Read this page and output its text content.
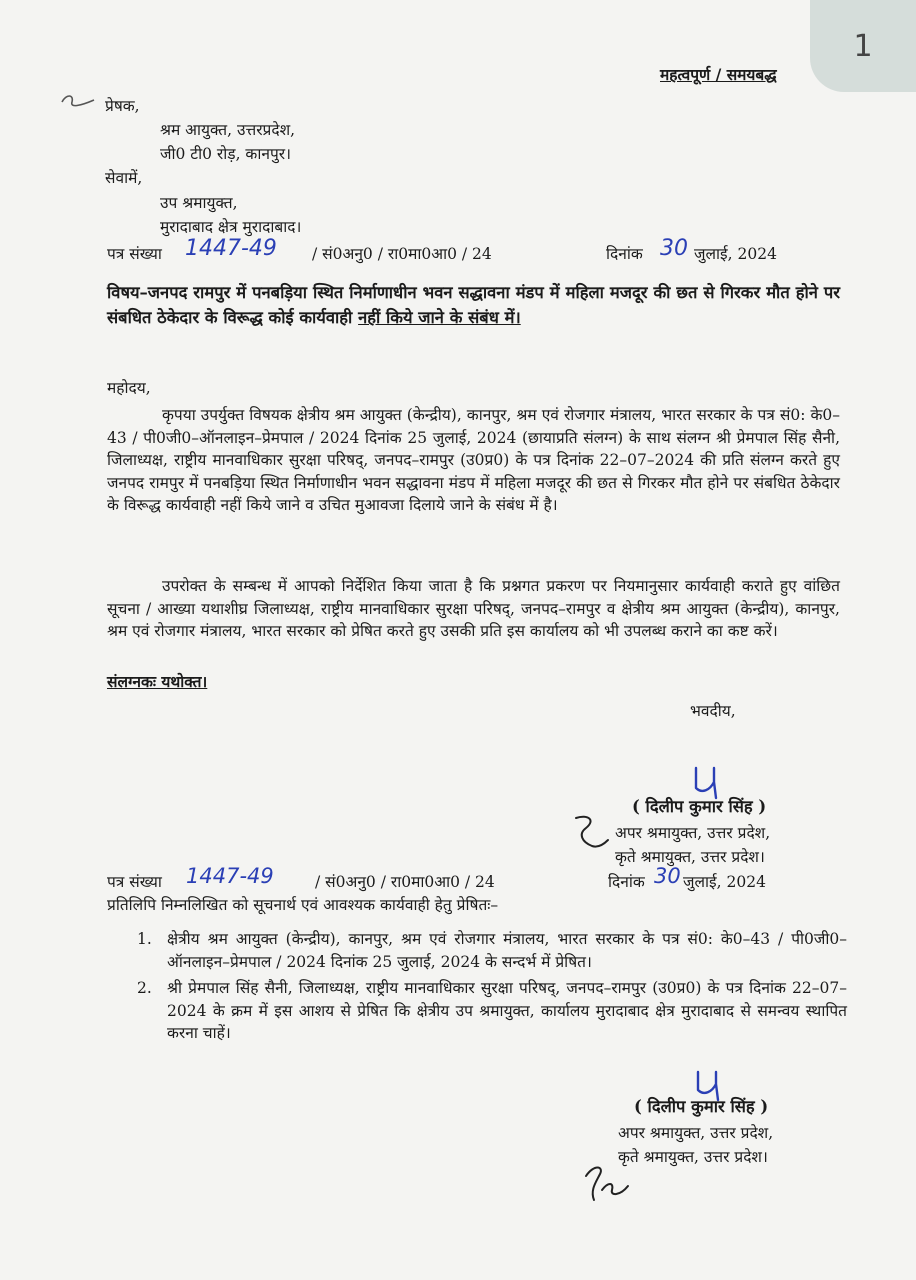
1
महत्वपूर्ण / समयबद्ध
प्रेषक,
श्रम आयुक्त, उत्तरप्रदेश,
जी0 टी0 रोड़, कानपुर।
सेवामें,
उप श्रमायुक्त,
मुरादाबाद क्षेत्र मुरादाबाद।
पत्र संख्या 1447-49 / सं0अनु0 / रा0मा0आ0 / 24	दिनांक 30 जुलाई, 2024
विषय–जनपद रामपुर में पनबड़िया स्थित निर्माणाधीन भवन सद्धावना मंडप में महिला मजदूर की छत से गिरकर मौत होने पर संबधित ठेकेदार के विरूद्ध कोई कार्यवाही नहीं किये जाने के संबंध में।
महोदय,

कृपया उपर्युक्त विषयक क्षेत्रीय श्रम आयुक्त (केन्द्रीय), कानपुर, श्रम एवं रोजगार मंत्रालय, भारत सरकार के पत्र सं0: के0–43 / पी0जी0–ऑनलाइन–प्रेमपाल / 2024 दिनांक 25 जुलाई, 2024 (छायाप्रति संलग्न) के साथ संलग्न श्री प्रेमपाल सिंह सैनी, जिलाध्यक्ष, राष्ट्रीय मानवाधिकार सुरक्षा परिषद्, जनपद–रामपुर (उ0प्र0) के पत्र दिनांक 22–07–2024 की प्रति संलग्न करते हुए जनपद रामपुर में पनबड़िया स्थित निर्माणाधीन भवन सद्धावना मंडप में महिला मजदूर की छत से गिरकर मौत होने पर संबधित ठेकेदार के विरूद्ध कार्यवाही नहीं किये जाने व उचित मुआवजा दिलाये जाने के संबंध में है।

उपरोक्त के सम्बन्ध में आपको निर्देशित किया जाता है कि प्रश्नगत प्रकरण पर नियमानुसार कार्यवाही कराते हुए वांछित सूचना / आख्या यथाशीघ्र जिलाध्यक्ष, राष्ट्रीय मानवाधिकार सुरक्षा परिषद्, जनपद–रामपुर व क्षेत्रीय श्रम आयुक्त (केन्द्रीय), कानपुर, श्रम एवं रोजगार मंत्रालय, भारत सरकार को प्रेषित करते हुए उसकी प्रति इस कार्यालय को भी उपलब्ध कराने का कष्ट करें।

संलग्नकः यथोक्त।
भवदीय,
( दिलीप कुमार सिंह )
अपर श्रमायुक्त, उत्तर प्रदेश,
कृते श्रमायुक्त, उत्तर प्रदेश।
पत्र संख्या 1447-49	/ सं0अनु0 / रा0मा0आ0 / 24	दिनांक 30 जुलाई, 2024
प्रतिलिपि निम्नलिखित को सूचनार्थ एवं आवश्यक कार्यवाही हेतु प्रेषितः–
1. क्षेत्रीय श्रम आयुक्त (केन्द्रीय), कानपुर, श्रम एवं रोजगार मंत्रालय, भारत सरकार के पत्र सं0: के0–43 / पी0जी0–ऑनलाइन–प्रेमपाल / 2024 दिनांक 25 जुलाई, 2024 के सन्दर्भ में प्रेषित।
2. श्री प्रेमपाल सिंह सैनी, जिलाध्यक्ष, राष्ट्रीय मानवाधिकार सुरक्षा परिषद्, जनपद–रामपुर (उ0प्र0) के पत्र दिनांक 22–07–2024 के क्रम में इस आशय से प्रेषित कि क्षेत्रीय उप श्रमायुक्त, कार्यालय मुरादाबाद क्षेत्र मुरादाबाद से समन्वय स्थापित करना चाहें।
( दिलीप कुमार सिंह )
अपर श्रमायुक्त, उत्तर प्रदेश,
कृते श्रमायुक्त, उत्तर प्रदेश।
